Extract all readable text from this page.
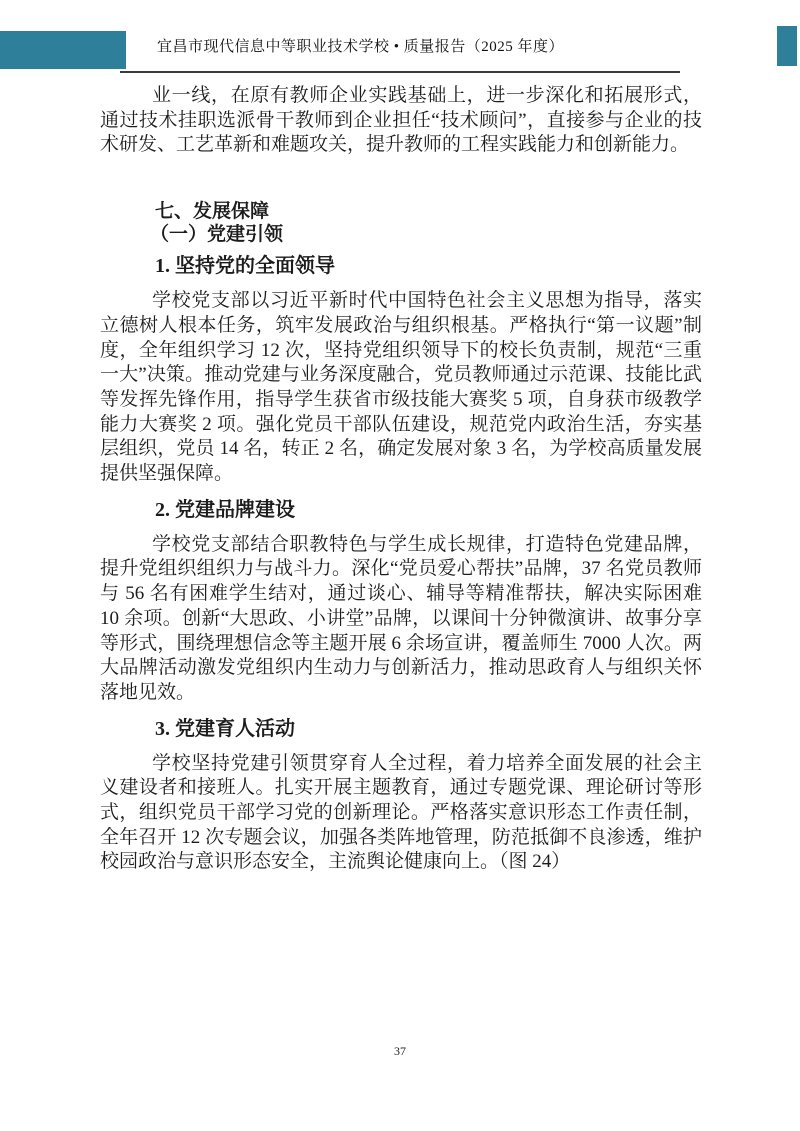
宜昌市现代信息中等职业技术学校 • 质量报告（2025 年度）

业一线，在原有教师企业实践基础上，进一步深化和拓展形式，通过技术挂职选派骨干教师到企业担任“技术顾问”，直接参与企业的技术研发、工艺革新和难题攻关，提升教师的工程实践能力和创新能力。

七、发展保障
（一）党建引领
1. 坚持党的全面领导

学校党支部以习近平新时代中国特色社会主义思想为指导，落实立德树人根本任务，筑牢发展政治与组织根基。严格执行“第一议题”制度，全年组织学习 12 次，坚持党组织领导下的校长负责制，规范“三重一大”决策。推动党建与业务深度融合，党员教师通过示范课、技能比武等发挥先锋作用，指导学生获省市级技能大赛奖 5 项，自身获市级教学能力大赛奖 2 项。强化党员干部队伍建设，规范党内政治生活，夯实基层组织，党员 14 名，转正 2 名，确定发展对象 3 名，为学校高质量发展提供坚强保障。

2. 党建品牌建设

学校党支部结合职教特色与学生成长规律，打造特色党建品牌，提升党组织组织力与战斗力。深化“党员爱心帮扶”品牌，37 名党员教师与 56 名有困难学生结对，通过谈心、辅导等精准帮扶，解决实际困难 10 余项。创新“大思政、小讲堂”品牌，以课间十分钟微演讲、故事分享等形式，围绕理想信念等主题开展 6 余场宣讲，覆盖师生 7000 人次。两大品牌活动激发党组织内生动力与创新活力，推动思政育人与组织关怀落地见效。

3. 党建育人活动

学校坚持党建引领贯穿育人全过程，着力培养全面发展的社会主义建设者和接班人。扎实开展主题教育，通过专题党课、理论研讨等形式，组织党员干部学习党的创新理论。严格落实意识形态工作责任制，全年召开 12 次专题会议，加强各类阵地管理，防范抵御不良渗透，维护校园政治与意识形态安全，主流舆论健康向上。（图 24）

37
